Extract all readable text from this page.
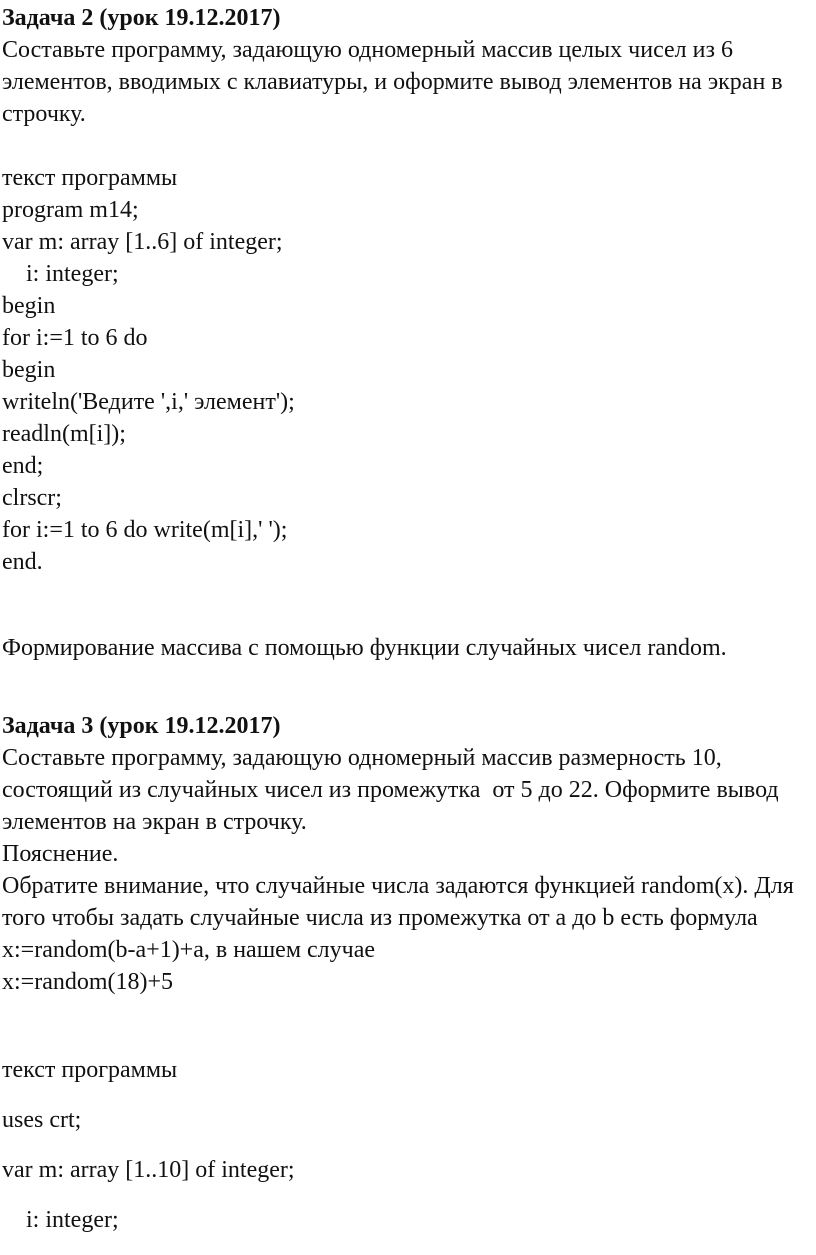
Задача 2 (урок 19.12.2017)
Составьте программу, задающую одномерный массив целых чисел из 6
элементов, вводимых с клавиатуры, и оформите вывод элементов на экран в
строчку.
текст программы
program m14;
var m: array [1..6] of integer;
i: integer;
begin
for i:=1 to 6 do
begin
writeln('Ведите ',i,' элемент');
readln(m[i]);
end;
clrscr;
for i:=1 to 6 do write(m[i],' ');
end.
Формирование массива с помощью функции случайных чисел random.
Задача 3 (урок 19.12.2017)
Составьте программу, задающую одномерный массив размерность 10,
состоящий из случайных чисел из промежутка  от 5 до 22. Оформите вывод
элементов на экран в строчку.
Пояснение.
Обратите внимание, что случайные числа задаются функцией random(x). Для
того чтобы задать случайные числа из промежутка от a до b есть формула
x:=random(b-a+1)+a, в нашем случае
x:=random(18)+5
текст программы
uses crt;
var m: array [1..10] of integer;
i: integer;
